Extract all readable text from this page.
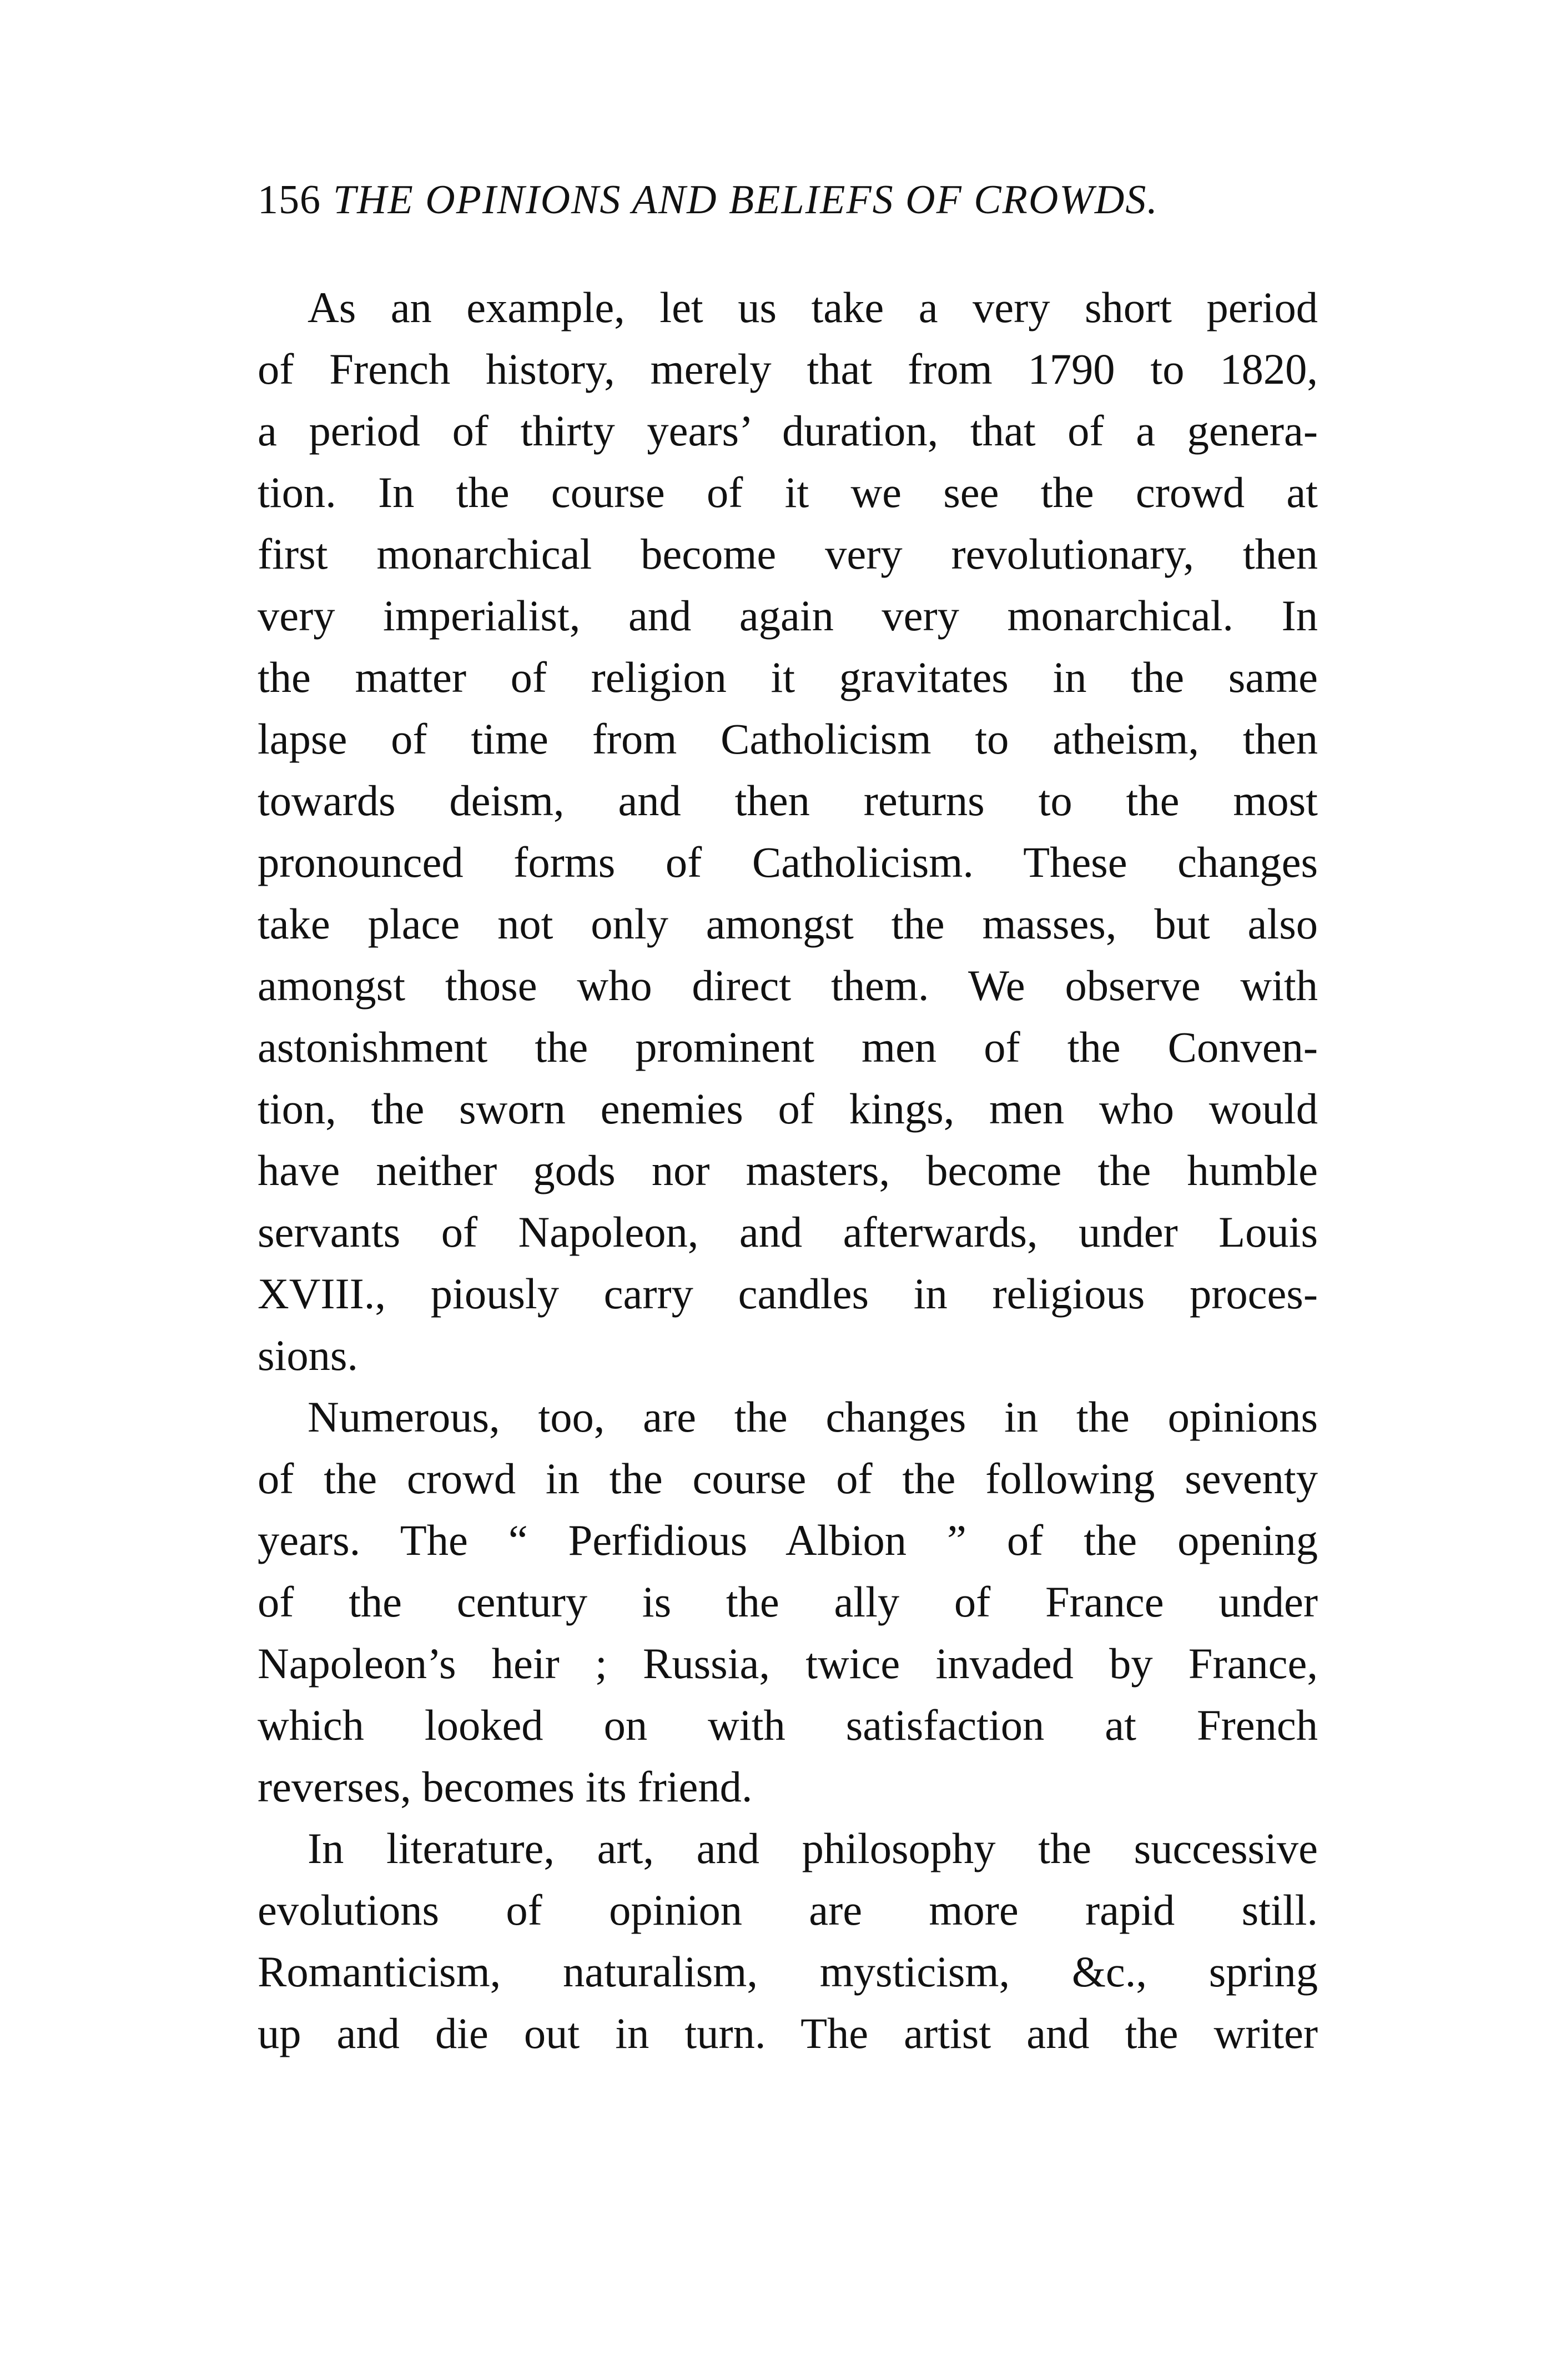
156 THE OPINIONS AND BELIEFS OF CROWDS.
As an example, let us take a very short period
of French history, merely that from 1790 to 1820,
a period of thirty years’ duration, that of a genera-
tion. In the course of it we see the crowd at
first monarchical become very revolutionary, then
very imperialist, and again very monarchical. In
the matter of religion it gravitates in the same
lapse of time from Catholicism to atheism, then
towards deism, and then returns to the most
pronounced forms of Catholicism. These changes
take place not only amongst the masses, but also
amongst those who direct them. We observe with
astonishment the prominent men of the Conven-
tion, the sworn enemies of kings, men who would
have neither gods nor masters, become the humble
servants of Napoleon, and afterwards, under Louis
XVIII., piously carry candles in religious proces-
sions.
Numerous, too, are the changes in the opinions
of the crowd in the course of the following seventy
years. The “ Perfidious Albion ” of the opening
of the century is the ally of France under
Napoleon’s heir ; Russia, twice invaded by France,
which looked on with satisfaction at French
reverses, becomes its friend.
In literature, art, and philosophy the successive
evolutions of opinion are more rapid still.
Romanticism, naturalism, mysticism, &c., spring
up and die out in turn. The artist and the writer
